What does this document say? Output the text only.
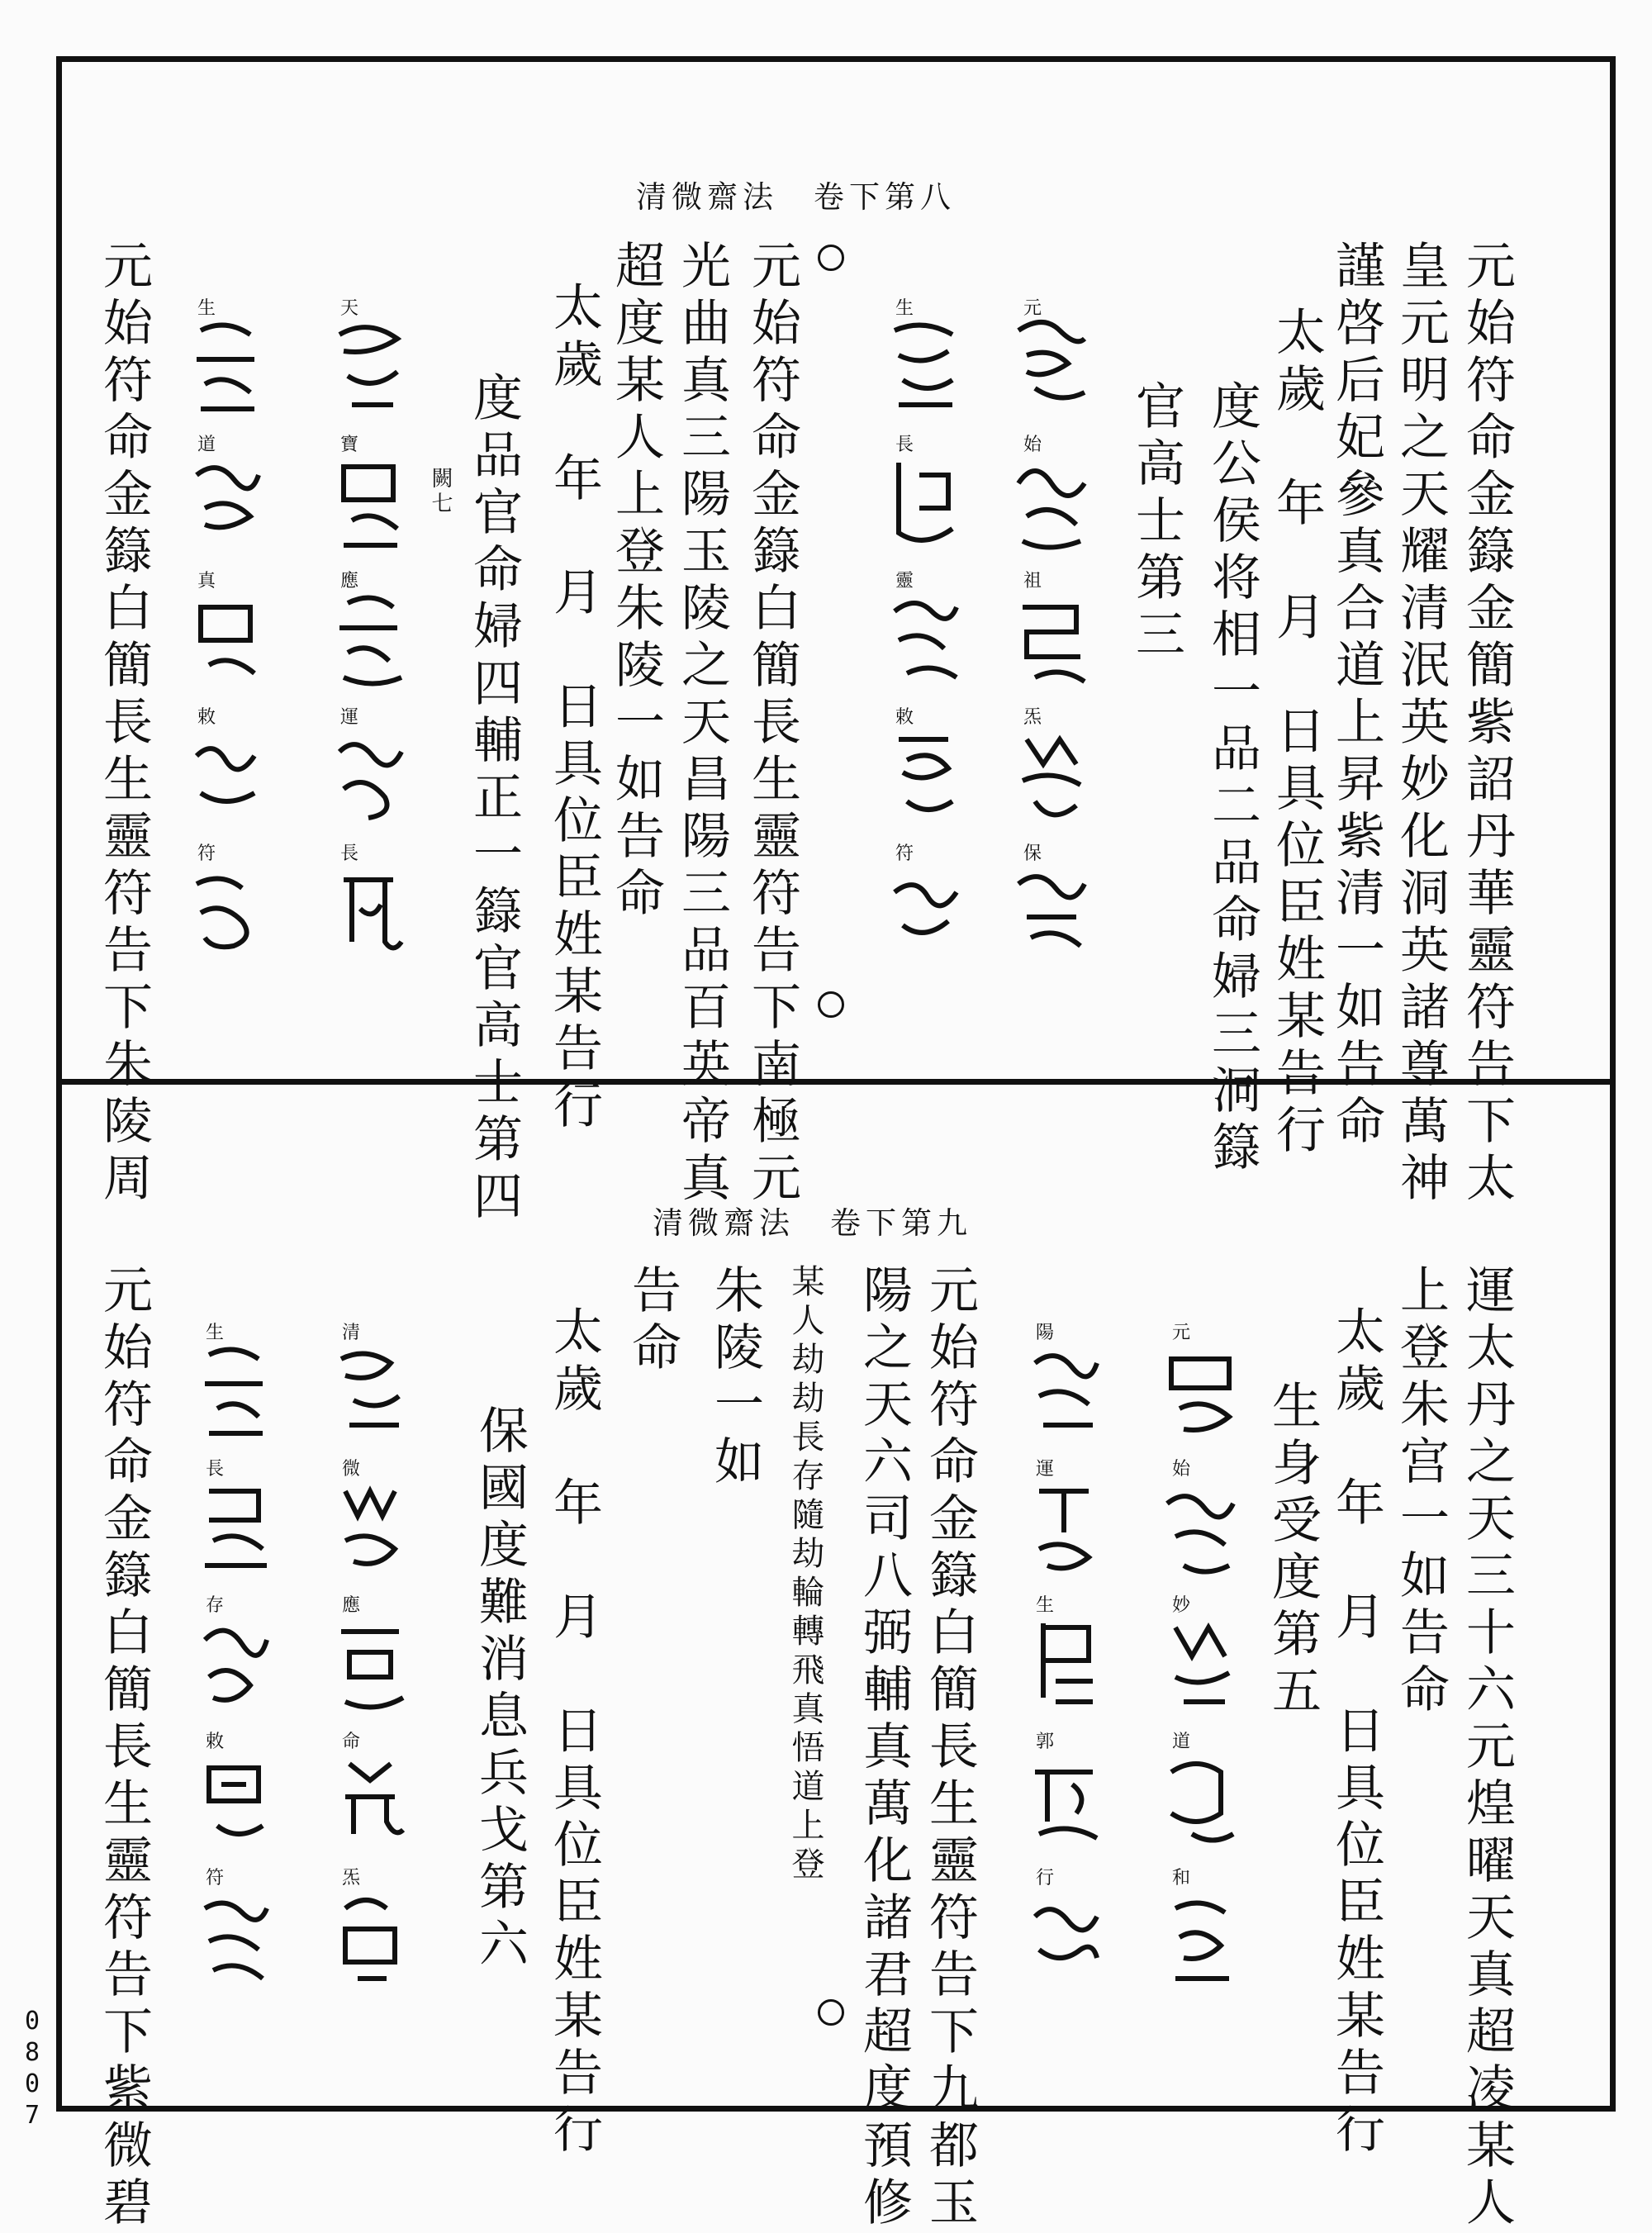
清微齋法　卷下第八
元始符命金籙金簡紫詔丹華靈符告下太
皇元明之天耀清泯英妙化洞英諸尊萬神
謹啓后妃參真合道上昇紫清一如告命
太歲　年　月　日具位臣姓某告行
度公侯将相一品二品命婦三洞籙
官高士第三
元
始
祖
炁
保
生
長
靈
敕
符
元始符命金籙白簡長生靈符告下南極元
光曲真三陽玉陵之天昌陽三品百英帝真
超度某人上登朱陵一如告命
太歲　年　月　日具位臣姓某告行
度品官命婦四輔正一籙官高士第四
闕七
天
寶
應
運
長
生
道
真
敕
符
元始符命金籙白簡長生靈符告下朱陵周
清微齋法　卷下第九
運太丹之天三十六元煌曜天真超凌某人
上登朱宫一如告命
太歲　年　月　日具位臣姓某告行
生身受度第五
元
始
妙
道
和
陽
運
生
郭
行
元始符命金籙白簡長生靈符告下九都玉
陽之天六司八弼輔真萬化諸君超度預修
某人劫劫長存隨劫輪轉飛真悟道上登
朱陵一如
告命
太歲　年　月　日具位臣姓某告行
保國度難消息兵戈第六
清
微
應
命
炁
生
長
存
敕
符
元始符命金籙白簡長生靈符告下紫微碧
0
8
0
7
